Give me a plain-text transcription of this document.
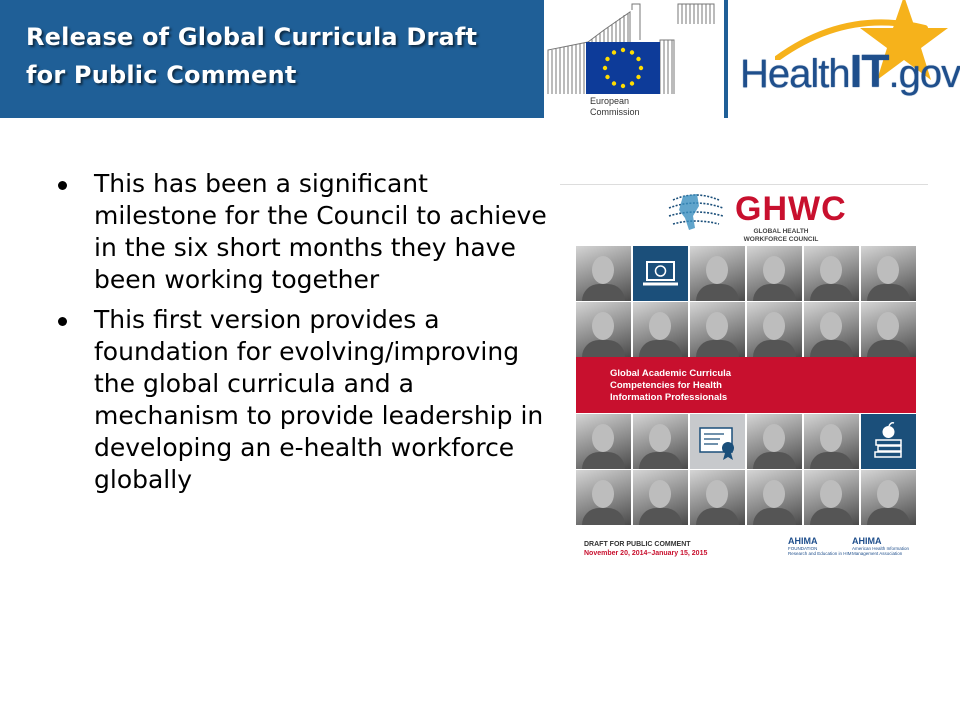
Release of Global Curricula Draft
for Public Comment
European
Commission
HealthIT.gov
This has been a significant milestone for the Council to achieve in the six short months they have been working together
This first version provides a foundation for evolving/improving the global curricula and a mechanism to provide leadership in developing an e-health workforce globally
GHWC
GLOBAL HEALTH
WORKFORCE COUNCIL
Global Academic Curricula
Competencies for Health
Information Professionals
DRAFT FOR PUBLIC COMMENT
November 20, 2014–January 15, 2015
AHIMA
FOUNDATION
Research and Education in HIM
AHIMA
American Health Information Management Association
